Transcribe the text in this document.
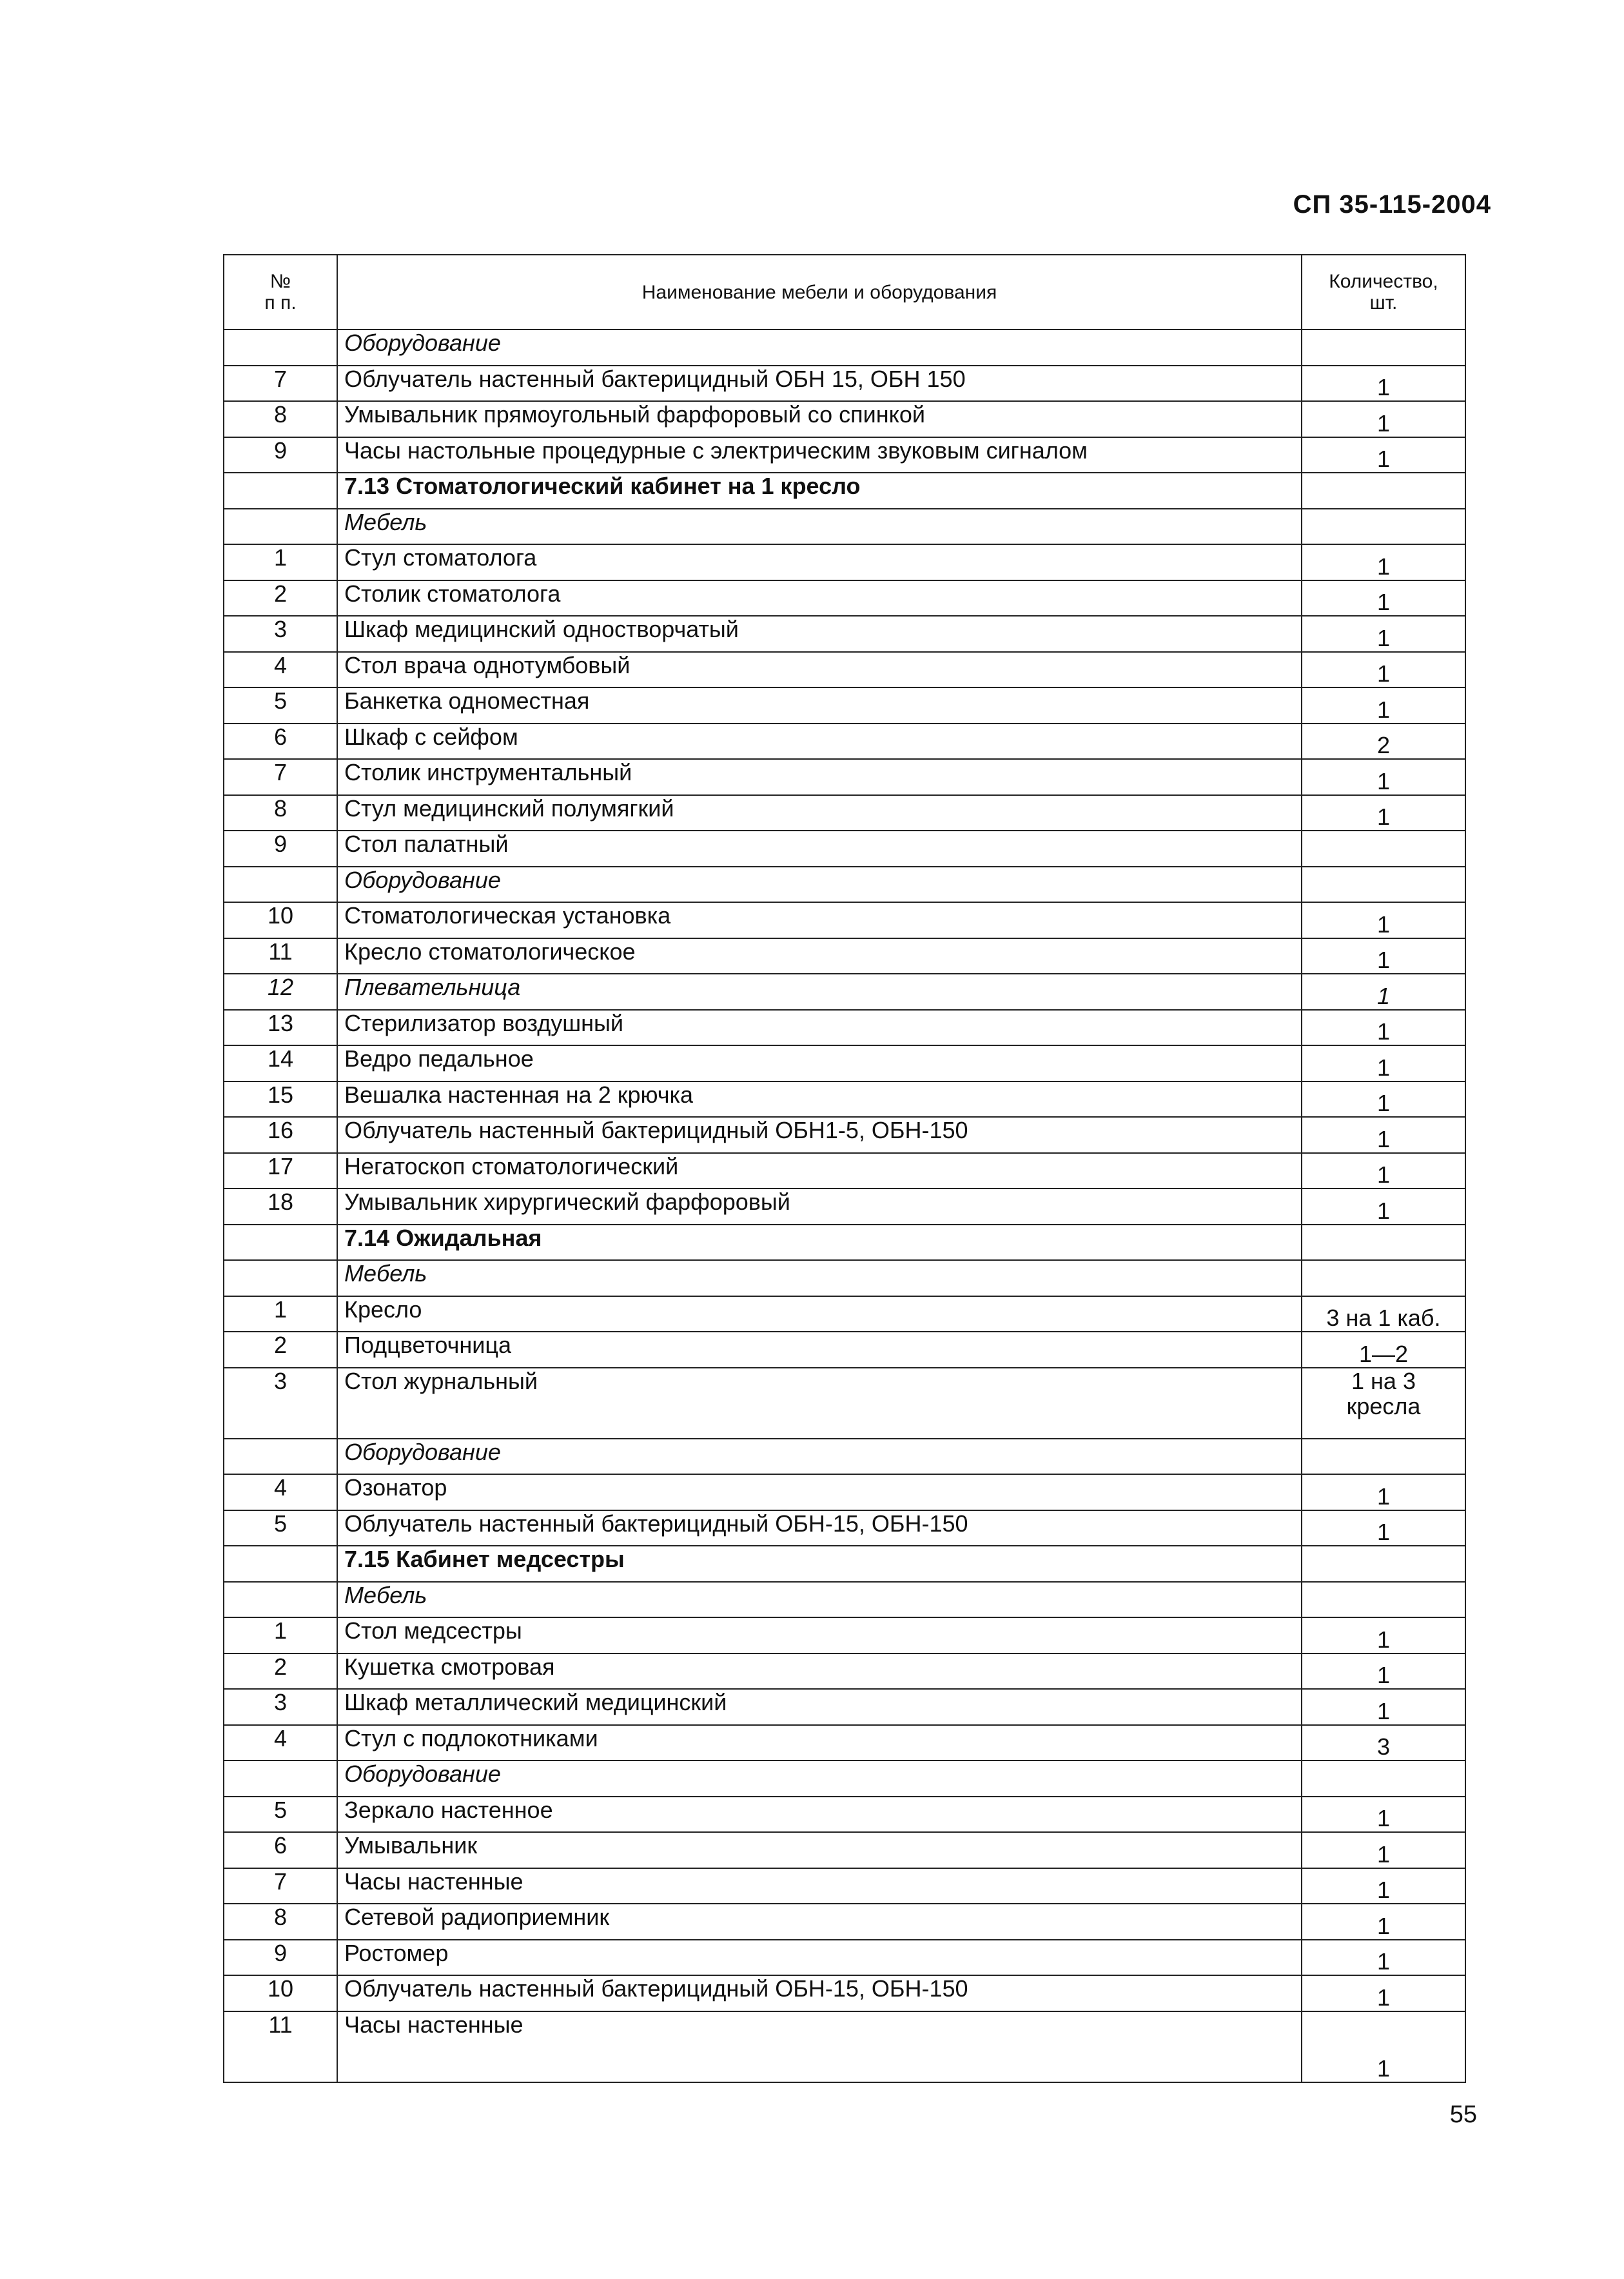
СП 35-115-2004
№
п п.	Наименование мебели и оборудования	Количество,
шт.
	Оборудование	
7	Облучатель настенный бактерицидный ОБН 15, ОБН 150	1
8	Умывальник прямоугольный фарфоровый со спинкой	1
9	Часы настольные процедурные с электрическим звуковым сигналом	1
	7.13 Стоматологический кабинет на 1 кресло	
	Мебель	
1	Стул стоматолога	1
2	Столик стоматолога	1
3	Шкаф медицинский одностворчатый	1
4	Стол врача однотумбовый	1
5	Банкетка одноместная	1
6	Шкаф с сейфом	2
7	Столик инструментальный	1
8	Стул медицинский полумягкий	1
9	Стол палатный	
	Оборудование	
10	Стоматологическая установка	1
11	Кресло стоматологическое	1
12	Плевательница	1
13	Стерилизатор воздушный	1
14	Ведро педальное	1
15	Вешалка настенная на 2 крючка	1
16	Облучатель настенный бактерицидный ОБН1-5, ОБН-150	1
17	Негатоскоп стоматологический	1
18	Умывальник хирургический фарфоровый	1
	7.14 Ожидальная	
	Мебель	
1	Кресло	3 на 1 каб.
2	Подцветочница	1—2
3	Стол журнальный	1 на 3
кресла
	Оборудование	
4	Озонатор	1
5	Облучатель настенный бактерицидный ОБН-15, ОБН-150	1
	7.15 Кабинет медсестры	
	Мебель	
1	Стол медсестры	1
2	Кушетка смотровая	1
3	Шкаф металлический медицинский	1
4	Стул с подлокотниками	3
	Оборудование	
5	Зеркало настенное	1
6	Умывальник	1
7	Часы настенные	1
8	Сетевой радиоприемник	1
9	Ростомер	1
10	Облучатель настенный бактерицидный ОБН-15, ОБН-150	1
11	Часы настенные	1
55
